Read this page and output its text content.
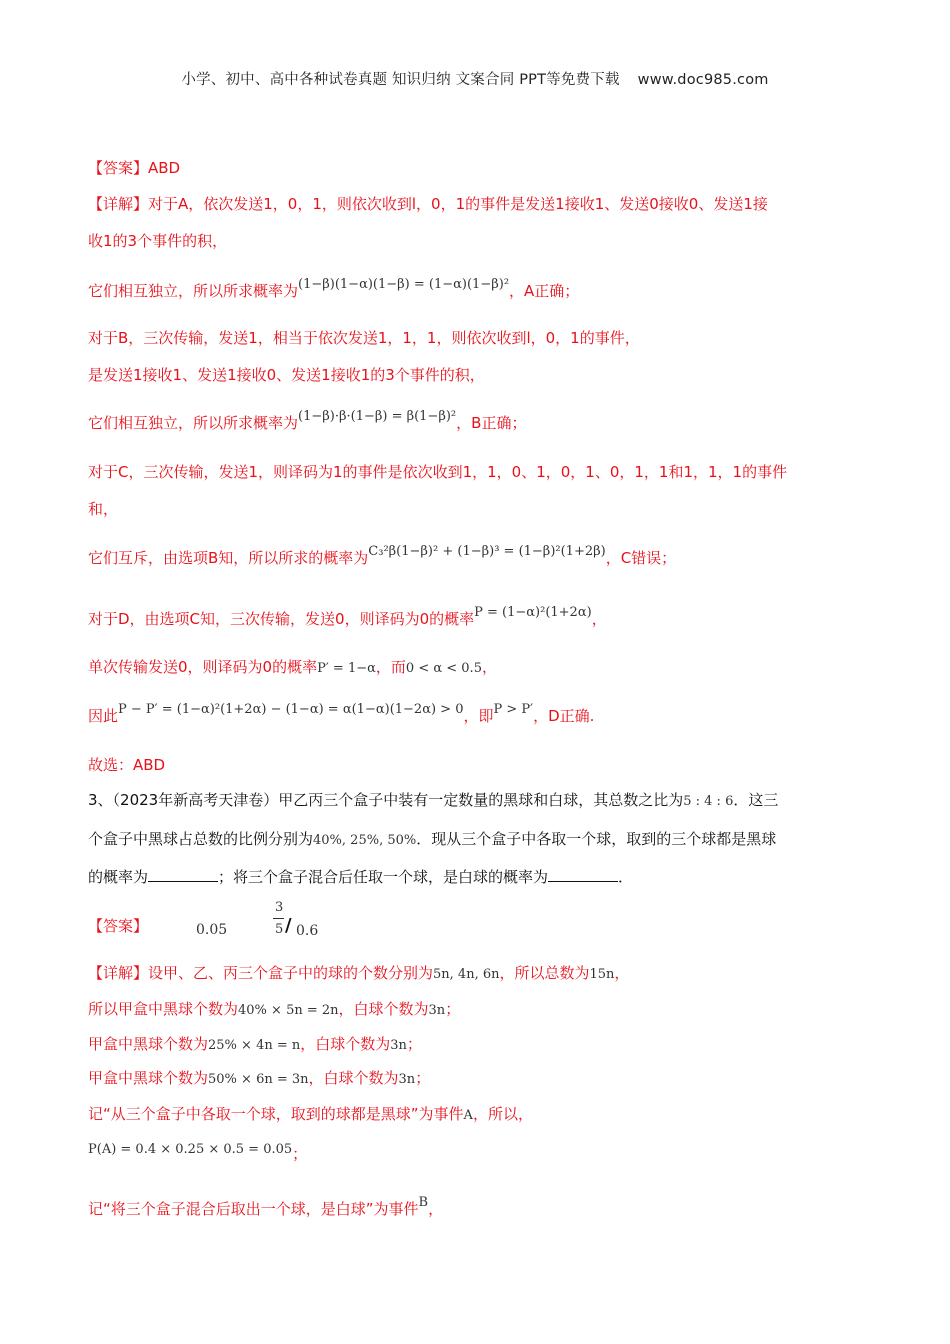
小学、初中、高中各种试卷真题 知识归纳 文案合同 PPT等免费下载 www.doc985.com
【答案】ABD
【详解】对于A，依次发送1，0，1，则依次收到l，0，1的事件是发送1接收1、发送0接收0、发送1接
收1的3个事件的积，
它们相互独立，所以所求概率为(1−β)(1−α)(1−β) = (1−α)(1−β)²，A正确；
对于B，三次传输，发送1，相当于依次发送1，1，1，则依次收到l，0，1的事件，
是发送1接收1、发送1接收0、发送1接收1的3个事件的积，
它们相互独立，所以所求概率为(1−β)·β·(1−β) = β(1−β)²，B正确；
对于C，三次传输，发送1，则译码为1的事件是依次收到1，1，0、1，0，1、0，1，1和1，1，1的事件
和，
它们互斥，由选项B知，所以所求的概率为C₃²β(1−β)² + (1−β)³ = (1−β)²(1+2β)，C错误；
对于D，由选项C知，三次传输，发送0，则译码为0的概率P = (1−α)²(1+2α)，
单次传输发送0，则译码为0的概率P′ = 1−α，而0 < α < 0.5，
因此P − P′ = (1−α)²(1+2α) − (1−α) = α(1−α)(1−2α) > 0，即P > P′，D正确.
故选：ABD
3、（2023年新高考天津卷）甲乙丙三个盒子中装有一定数量的黑球和白球，其总数之比为5 : 4 : 6．这三
个盒子中黑球占总数的比例分别为40%, 25%, 50%．现从三个盒子中各取一个球，取到的三个球都是黑球
的概率为	；将三个盒子混合后任取一个球，是白球的概率为	．
【答案】	0.05
3
5 / 0.6
【详解】设甲、乙、丙三个盒子中的球的个数分别为5n, 4n, 6n，所以总数为15n，
所以甲盒中黑球个数为40% × 5n = 2n，白球个数为3n；
甲盒中黑球个数为25% × 4n = n，白球个数为3n；
甲盒中黑球个数为50% × 6n = 3n，白球个数为3n；
记“从三个盒子中各取一个球，取到的球都是黑球”为事件A，所以，
P(A) = 0.4 × 0.25 × 0.5 = 0.05；
记“将三个盒子混合后取出一个球，是白球”为事件B，
